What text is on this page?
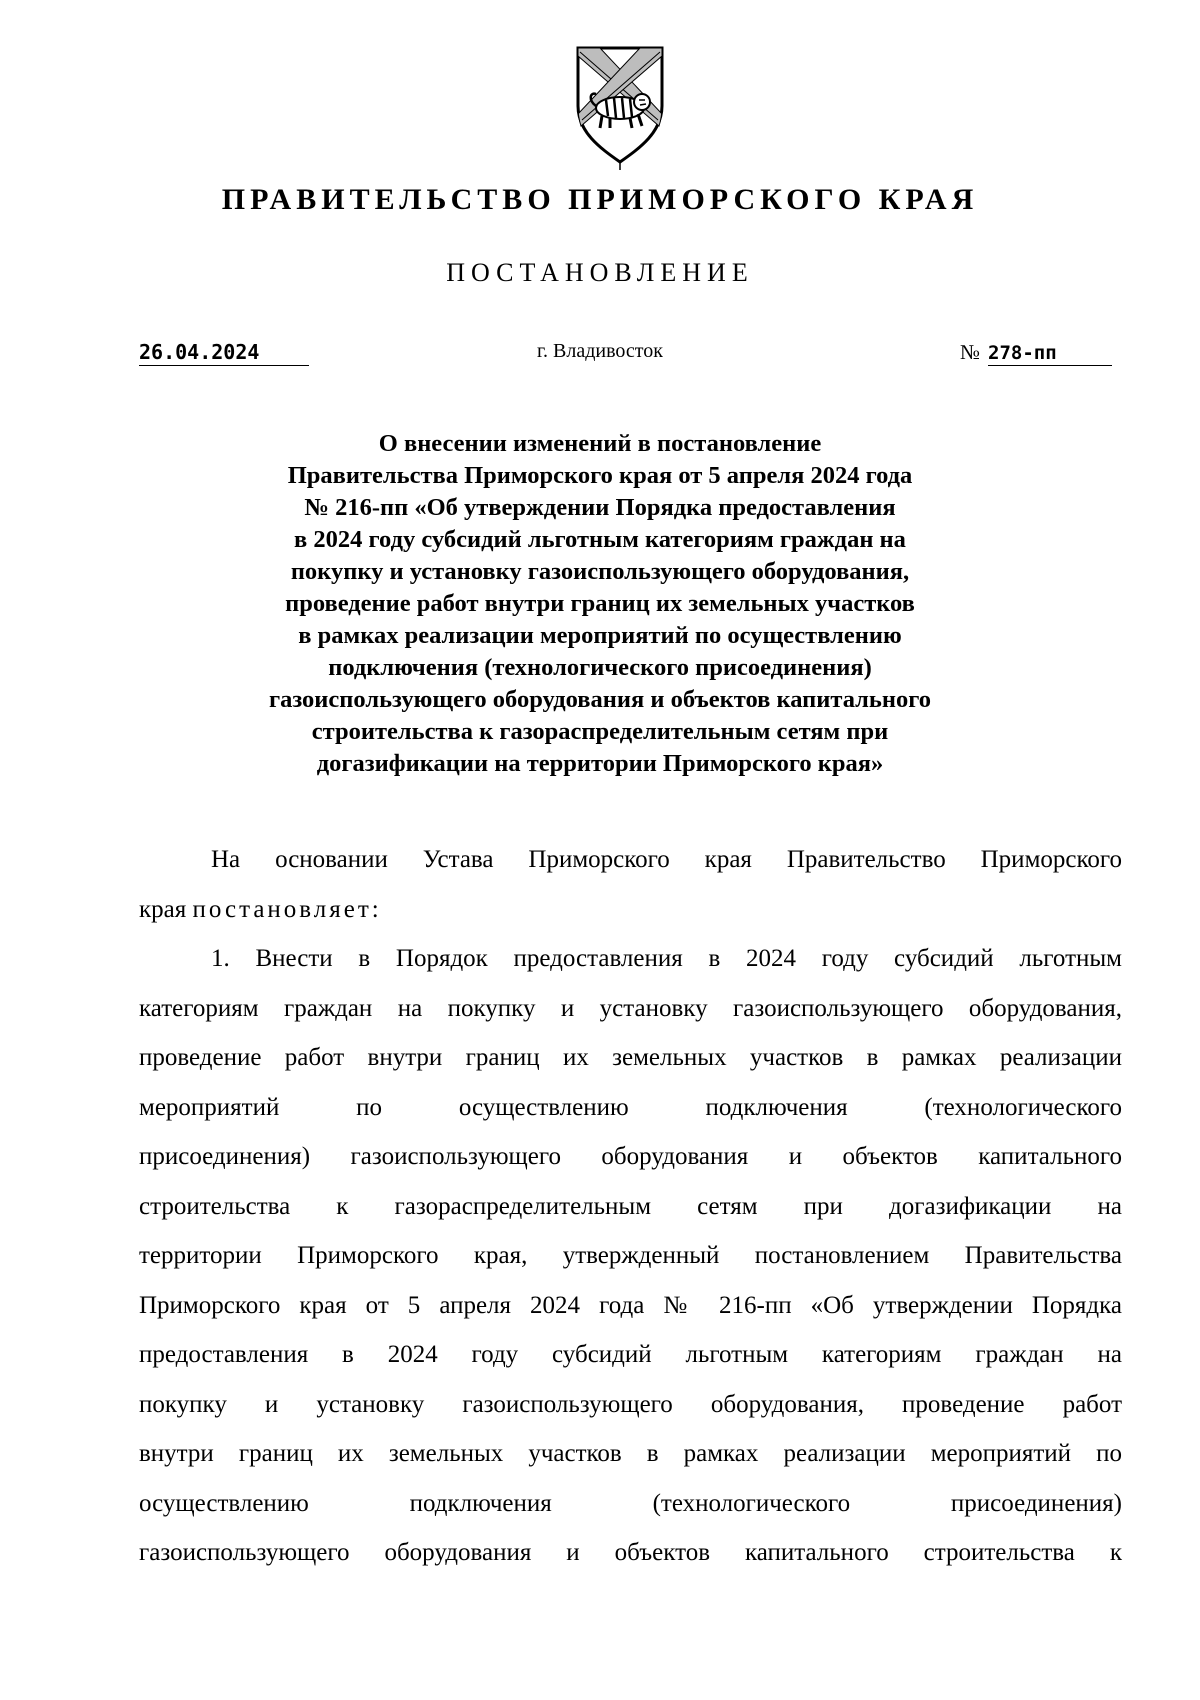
ПРАВИТЕЛЬСТВО ПРИМОРСКОГО КРАЯ
ПОСТАНОВЛЕНИЕ
26.04.2024	г. Владивосток	№ 278-пп
О внесении изменений в постановление
Правительства Приморского края от 5 апреля 2024 года
№ 216-пп «Об утверждении Порядка предоставления
в 2024 году субсидий льготным категориям граждан на
покупку и установку газоиспользующего оборудования,
проведение работ внутри границ их земельных участков
в рамках реализации мероприятий по осуществлению
подключения (технологического присоединения)
газоиспользующего оборудования и объектов капитального
строительства к газораспределительным сетям при
догазификации на территории Приморского края»
На основании Устава Приморского края Правительство Приморского
края постановляет:
1. Внести в Порядок предоставления в 2024 году субсидий льготным
категориям граждан на покупку и установку газоиспользующего оборудования,
проведение работ внутри границ их земельных участков в рамках реализации
мероприятий по осуществлению подключения (технологического
присоединения) газоиспользующего оборудования и объектов капитального
строительства к газораспределительным сетям при догазификации на
территории Приморского края, утвержденный постановлением Правительства
Приморского края от 5 апреля 2024 года № 216-пп «Об утверждении Порядка
предоставления в 2024 году субсидий льготным категориям граждан на
покупку и установку газоиспользующего оборудования, проведение работ
внутри границ их земельных участков в рамках реализации мероприятий по
осуществлению подключения (технологического присоединения)
газоиспользующего оборудования и объектов капитального строительства к
